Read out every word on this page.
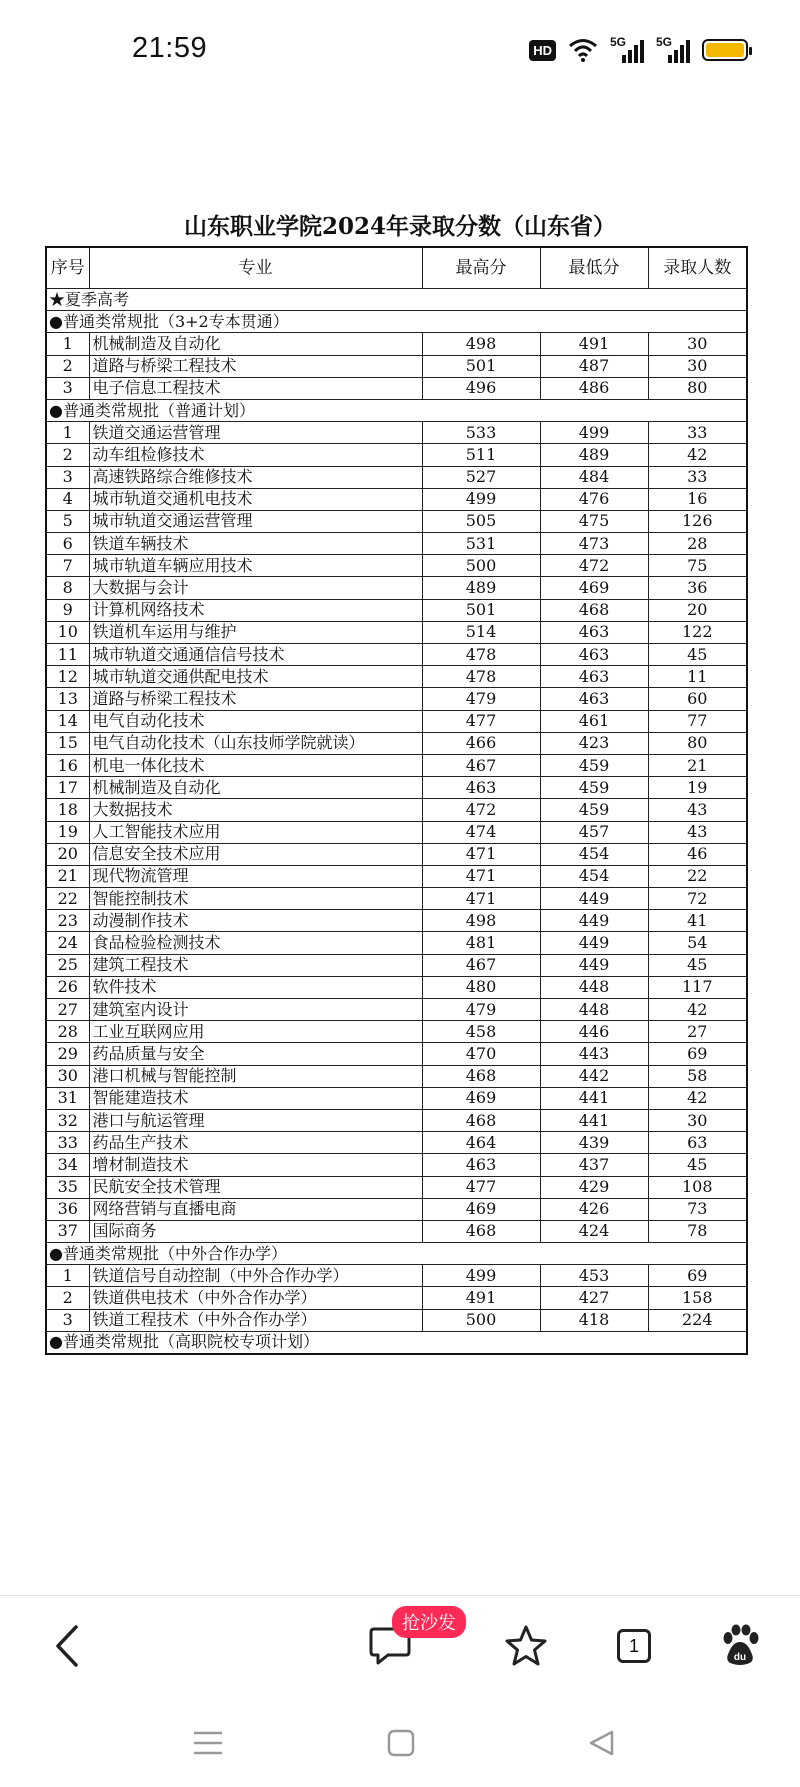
21:59	HD
5G 5G
山东职业学院2024年录取分数（山东省）
序号	专业	最高分	最低分	录取人数
★夏季高考				
●普通类常规批（3+2专本贯通）				
1	机械制造及自动化	498	491	30
2	道路与桥梁工程技术	501	487	30
3	电子信息工程技术	496	486	80
●普通类常规批（普通计划）				
1	铁道交通运营管理	533	499	33
2	动车组检修技术	511	489	42
3	高速铁路综合维修技术	527	484	33
4	城市轨道交通机电技术	499	476	16
5	城市轨道交通运营管理	505	475	126
6	铁道车辆技术	531	473	28
7	城市轨道车辆应用技术	500	472	75
8	大数据与会计	489	469	36
9	计算机网络技术	501	468	20
10	铁道机车运用与维护	514	463	122
11	城市轨道交通通信信号技术	478	463	45
12	城市轨道交通供配电技术	478	463	11
13	道路与桥梁工程技术	479	463	60
14	电气自动化技术	477	461	77
15	电气自动化技术（山东技师学院就读）	466	423	80
16	机电一体化技术	467	459	21
17	机械制造及自动化	463	459	19
18	大数据技术	472	459	43
19	人工智能技术应用	474	457	43
20	信息安全技术应用	471	454	46
21	现代物流管理	471	454	22
22	智能控制技术	471	449	72
23	动漫制作技术	498	449	41
24	食品检验检测技术	481	449	54
25	建筑工程技术	467	449	45
26	软件技术	480	448	117
27	建筑室内设计	479	448	42
28	工业互联网应用	458	446	27
29	药品质量与安全	470	443	69
30	港口机械与智能控制	468	442	58
31	智能建造技术	469	441	42
32	港口与航运管理	468	441	30
33	药品生产技术	464	439	63
34	增材制造技术	463	437	45
35	民航安全技术管理	477	429	108
36	网络营销与直播电商	469	426	73
37	国际商务	468	424	78
●普通类常规批（中外合作办学）				
1	铁道信号自动控制（中外合作办学）	499	453	69
2	铁道供电技术（中外合作办学）	491	427	158
3	铁道工程技术（中外合作办学）	500	418	224
●普通类常规批（高职院校专项计划）				
1
du
抢沙发
